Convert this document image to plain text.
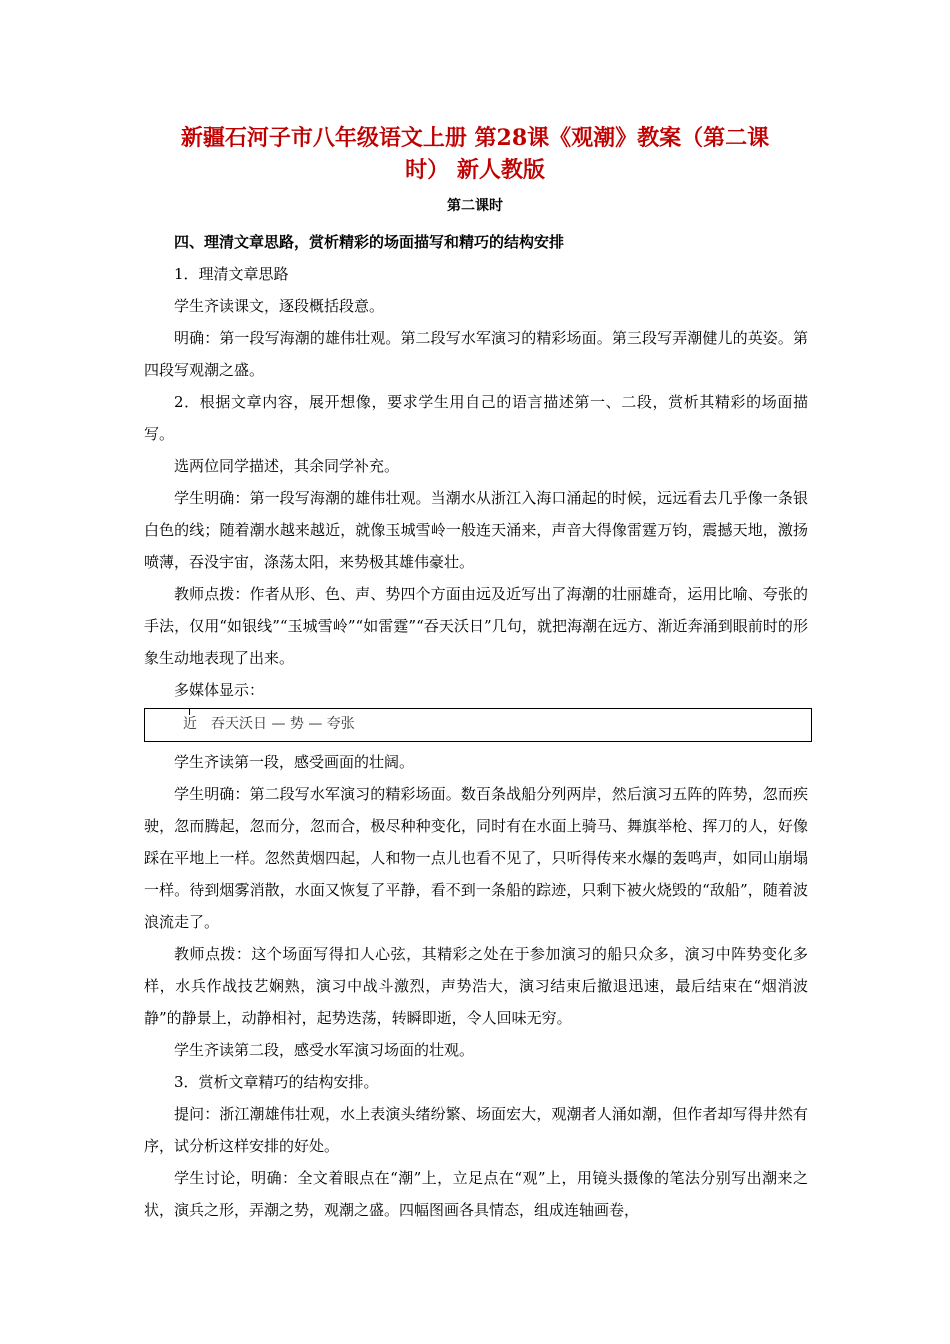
新疆石河子市八年级语文上册 第28课《观潮》教案（第二课
时） 新人教版
第二课时

四、理清文章思路，赏析精彩的场面描写和精巧的结构安排

1．理清文章思路

学生齐读课文，逐段概括段意。

明确：第一段写海潮的雄伟壮观。第二段写水军演习的精彩场面。第三段写弄潮健儿的英姿。第四段写观潮之盛。

2．根据文章内容，展开想像，要求学生用自己的语言描述第一、二段，赏析其精彩的场面描写。

选两位同学描述，其余同学补充。

学生明确：第一段写海潮的雄伟壮观。当潮水从浙江入海口涌起的时候，远远看去几乎像一条银白色的线；随着潮水越来越近，就像玉城雪岭一般连天涌来，声音大得像雷霆万钧，震撼天地，激扬喷薄，吞没宇宙，涤荡太阳，来势极其雄伟豪壮。

教师点拨：作者从形、色、声、势四个方面由远及近写出了海潮的壮丽雄奇，运用比喻、夸张的手法，仅用“如银线”“玉城雪岭”“如雷霆”“吞天沃日”几句，就把海潮在远方、渐近奔涌到眼前时的形象生动地表现了出来。

多媒体显示：

近 吞天沃日 — 势 — 夸张

学生齐读第一段，感受画面的壮阔。

学生明确：第二段写水军演习的精彩场面。数百条战船分列两岸，然后演习五阵的阵势，忽而疾驶，忽而腾起，忽而分，忽而合，极尽种种变化，同时有在水面上骑马、舞旗举枪、挥刀的人，好像踩在平地上一样。忽然黄烟四起，人和物一点儿也看不见了，只听得传来水爆的轰鸣声，如同山崩塌一样。待到烟雾消散，水面又恢复了平静，看不到一条船的踪迹，只剩下被火烧毁的“敌船”，随着波浪流走了。

教师点拨：这个场面写得扣人心弦，其精彩之处在于参加演习的船只众多，演习中阵势变化多样，水兵作战技艺娴熟，演习中战斗激烈，声势浩大，演习结束后撤退迅速，最后结束在“烟消波静”的静景上，动静相衬，起势迭荡，转瞬即逝，令人回味无穷。

学生齐读第二段，感受水军演习场面的壮观。

3．赏析文章精巧的结构安排。

提问：浙江潮雄伟壮观，水上表演头绪纷繁、场面宏大，观潮者人涌如潮，但作者却写得井然有序，试分析这样安排的好处。

学生讨论，明确：全文着眼点在“潮”上，立足点在“观”上，用镜头摄像的笔法分别写出潮来之状，演兵之形，弄潮之势，观潮之盛。四幅图画各具情态，组成连轴画卷，
